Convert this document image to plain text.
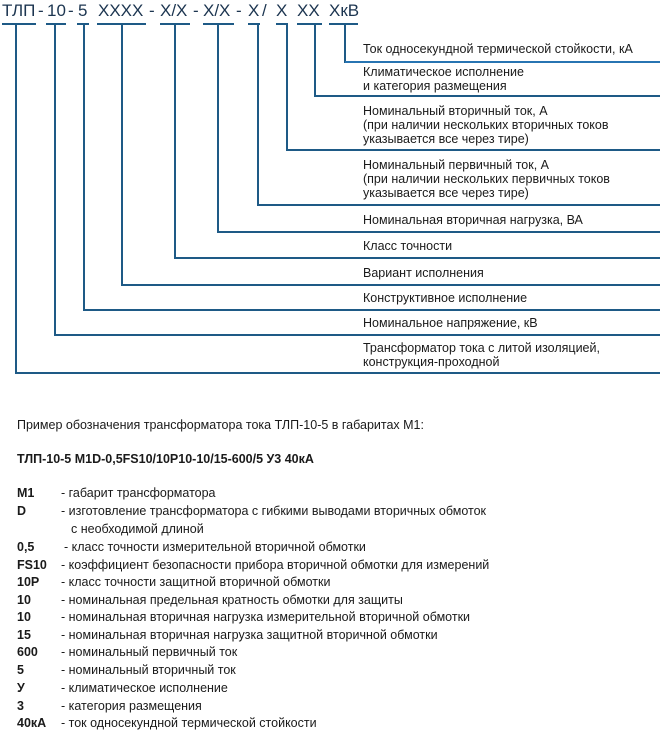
ТЛП - 10 - 5 XXXX - X/X - X/X - X / X XX XкВ
Ток односекундной термической стойкости, кА
Климатическое исполнение
и категория размещения
Номинальный вторичный ток, А
(при наличии нескольких вторичных токов
указывается все через тире)
Номинальный первичный ток, А
(при наличии нескольких первичных токов
указывается все через тире)
Номинальная вторичная нагрузка, ВА
Класс точности
Вариант исполнения
Конструктивное исполнение
Номинальное напряжение, кВ
Трансформатор тока с литой изоляцией,
конструкция-проходной
Пример обозначения трансформатора тока ТЛП-10-5 в габаритах М1:
ТЛП-10-5 М1D-0,5FS10/10P10-10/15-600/5 У3 40кА
М1 - габарит трансформатора
D	- изготовление трансформатора с гибкими выводами вторичных обмоток
с необходимой длиной
0,5 - класс точности измерительной вторичной обмотки
FS10 - коэффициент безопасности прибора вторичной обмотки для измерений
10Р - класс точности защитной вторичной обмотки
10 - номинальная предельная кратность обмотки для защиты
10 - номинальная вторичная нагрузка измерительной вторичной обмотки
15 - номинальная вторичная нагрузка защитной вторичной обмотки
600 - номинальный первичный ток
5	- номинальный вторичный ток
У	- климатическое исполнение
3	- категория размещения
40кА - ток односекундной термической стойкости
